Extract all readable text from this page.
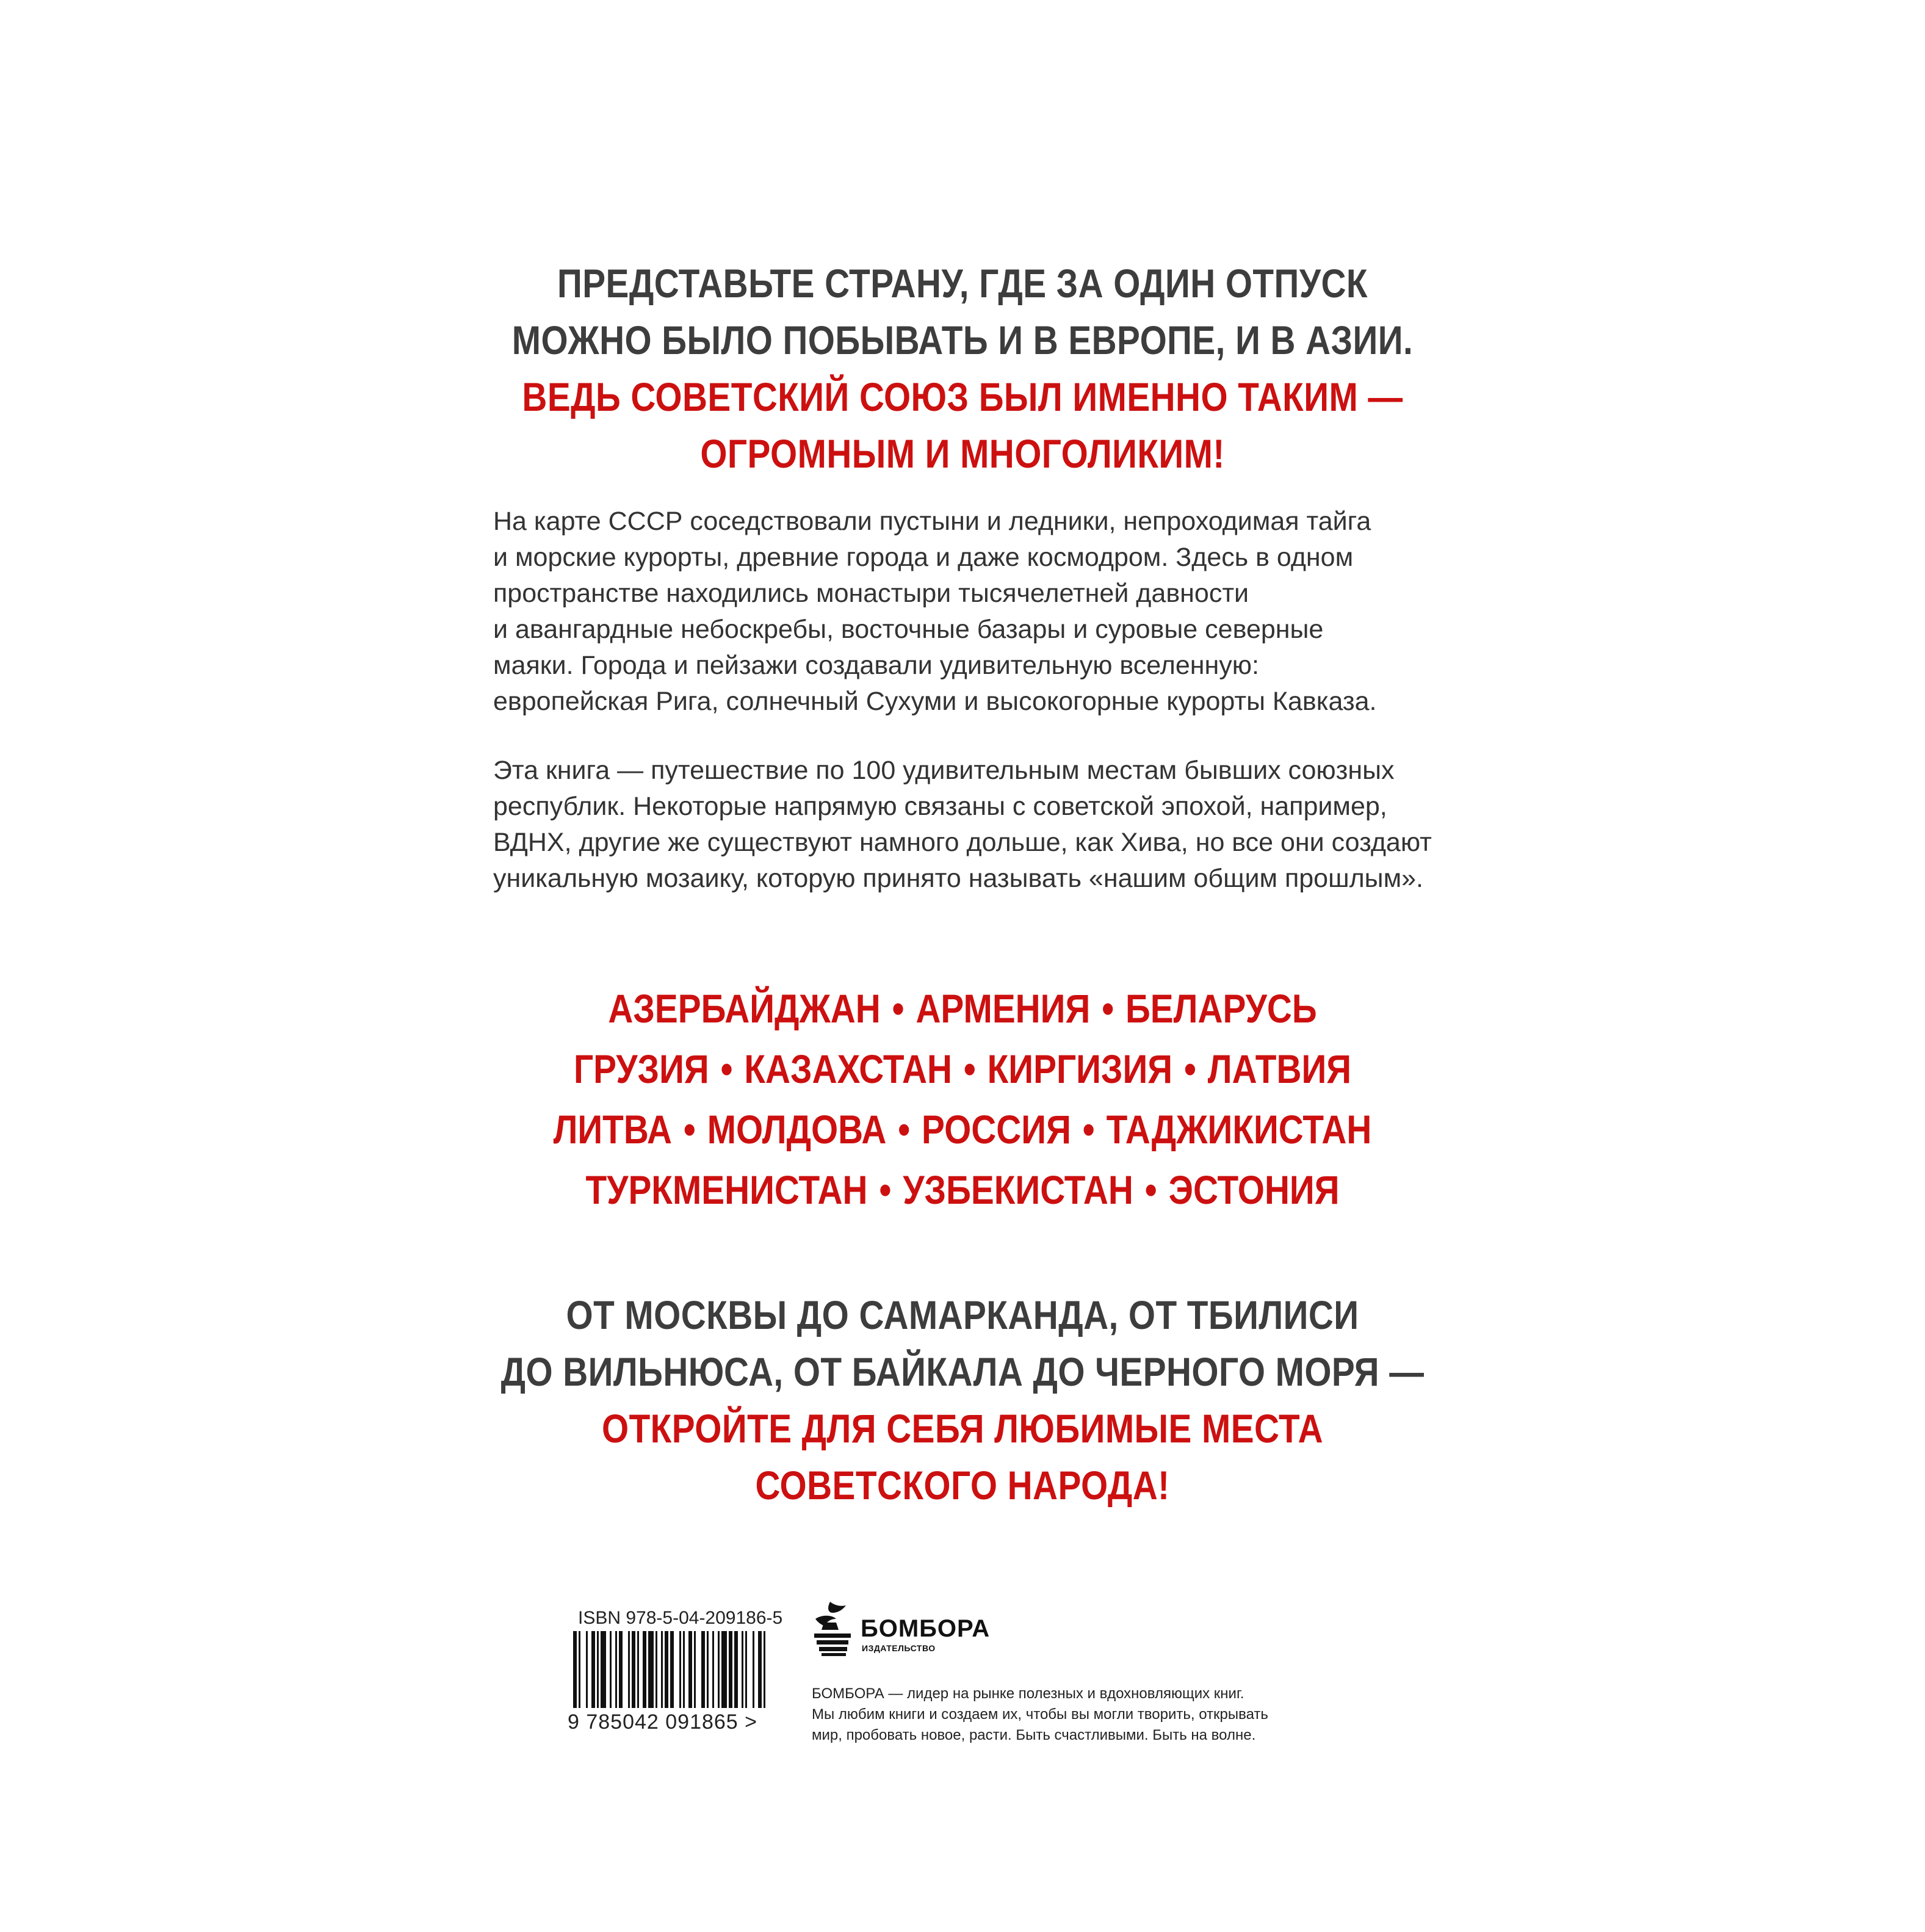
ПРЕДСТАВЬТЕ СТРАНУ, ГДЕ ЗА ОДИН ОТПУСК
МОЖНО БЫЛО ПОБЫВАТЬ И В ЕВРОПЕ, И В АЗИИ.
ВЕДЬ СОВЕТСКИЙ СОЮЗ БЫЛ ИМЕННО ТАКИМ —
ОГРОМНЫМ И МНОГОЛИКИМ!

На карте СССР соседствовали пустыни и ледники, непроходимая тайга
и морские курорты, древние города и даже космодром. Здесь в одном
пространстве находились монастыри тысячелетней давности
и авангардные небоскребы, восточные базары и суровые северные
маяки. Города и пейзажи создавали удивительную вселенную:
европейская Рига, солнечный Сухуми и высокогорные курорты Кавказа.

Эта книга — путешествие по 100 удивительным местам бывших союзных
республик. Некоторые напрямую связаны с советской эпохой, например,
ВДНХ, другие же существуют намного дольше, как Хива, но все они создают
уникальную мозаику, которую принято называть «нашим общим прошлым».

АЗЕРБАЙДЖАН • АРМЕНИЯ • БЕЛАРУСЬ
ГРУЗИЯ • КАЗАХСТАН • КИРГИЗИЯ • ЛАТВИЯ
ЛИТВА • МОЛДОВА • РОССИЯ • ТАДЖИКИСТАН
ТУРКМЕНИСТАН • УЗБЕКИСТАН • ЭСТОНИЯ
ОТ МОСКВЫ ДО САМАРКАНДА, ОТ ТБИЛИСИ
ДО ВИЛЬНЮСА, ОТ БАЙКАЛА ДО ЧЕРНОГО МОРЯ —
ОТКРОЙТЕ ДЛЯ СЕБЯ ЛЮБИМЫЕ МЕСТА
СОВЕТСКОГО НАРОДА!
ISBN 978-5-04-209186-5
9 785042 091865 >
БОМБОРА
ИЗДАТЕЛЬСТВО
БОМБОРА — лидер на рынке полезных и вдохновляющих книг.
Мы любим книги и создаем их, чтобы вы могли творить, открывать
мир, пробовать новое, расти. Быть счастливыми. Быть на волне.
